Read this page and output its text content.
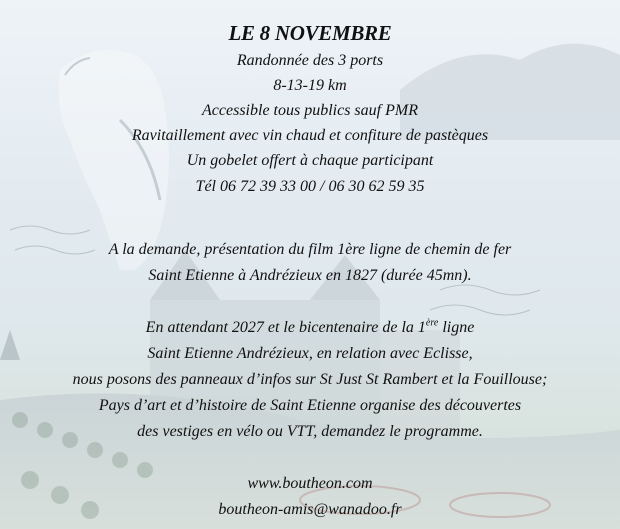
LE 8 NOVEMBRE
Randonnée des 3 ports
8-13-19 km
Accessible tous publics sauf PMR
Ravitaillement avec vin chaud et confiture de pastèques
Un gobelet offert à chaque participant
Tél 06 72 39 33 00 / 06 30 62 59 35
A la demande, présentation du film 1ère ligne de chemin de fer
Saint Etienne à Andrézieux en 1827 (durée 45mn).
En attendant 2027 et le bicentenaire de la 1ère ligne
Saint Etienne Andrézieux, en relation avec Eclisse,
nous posons des panneaux d’infos sur St Just St Rambert et la Fouillouse;
Pays d’art et d’histoire de Saint Etienne organise des découvertes
des vestiges en vélo ou VTT, demandez le programme.
www.boutheon.com
boutheon-amis@wanadoo.fr
